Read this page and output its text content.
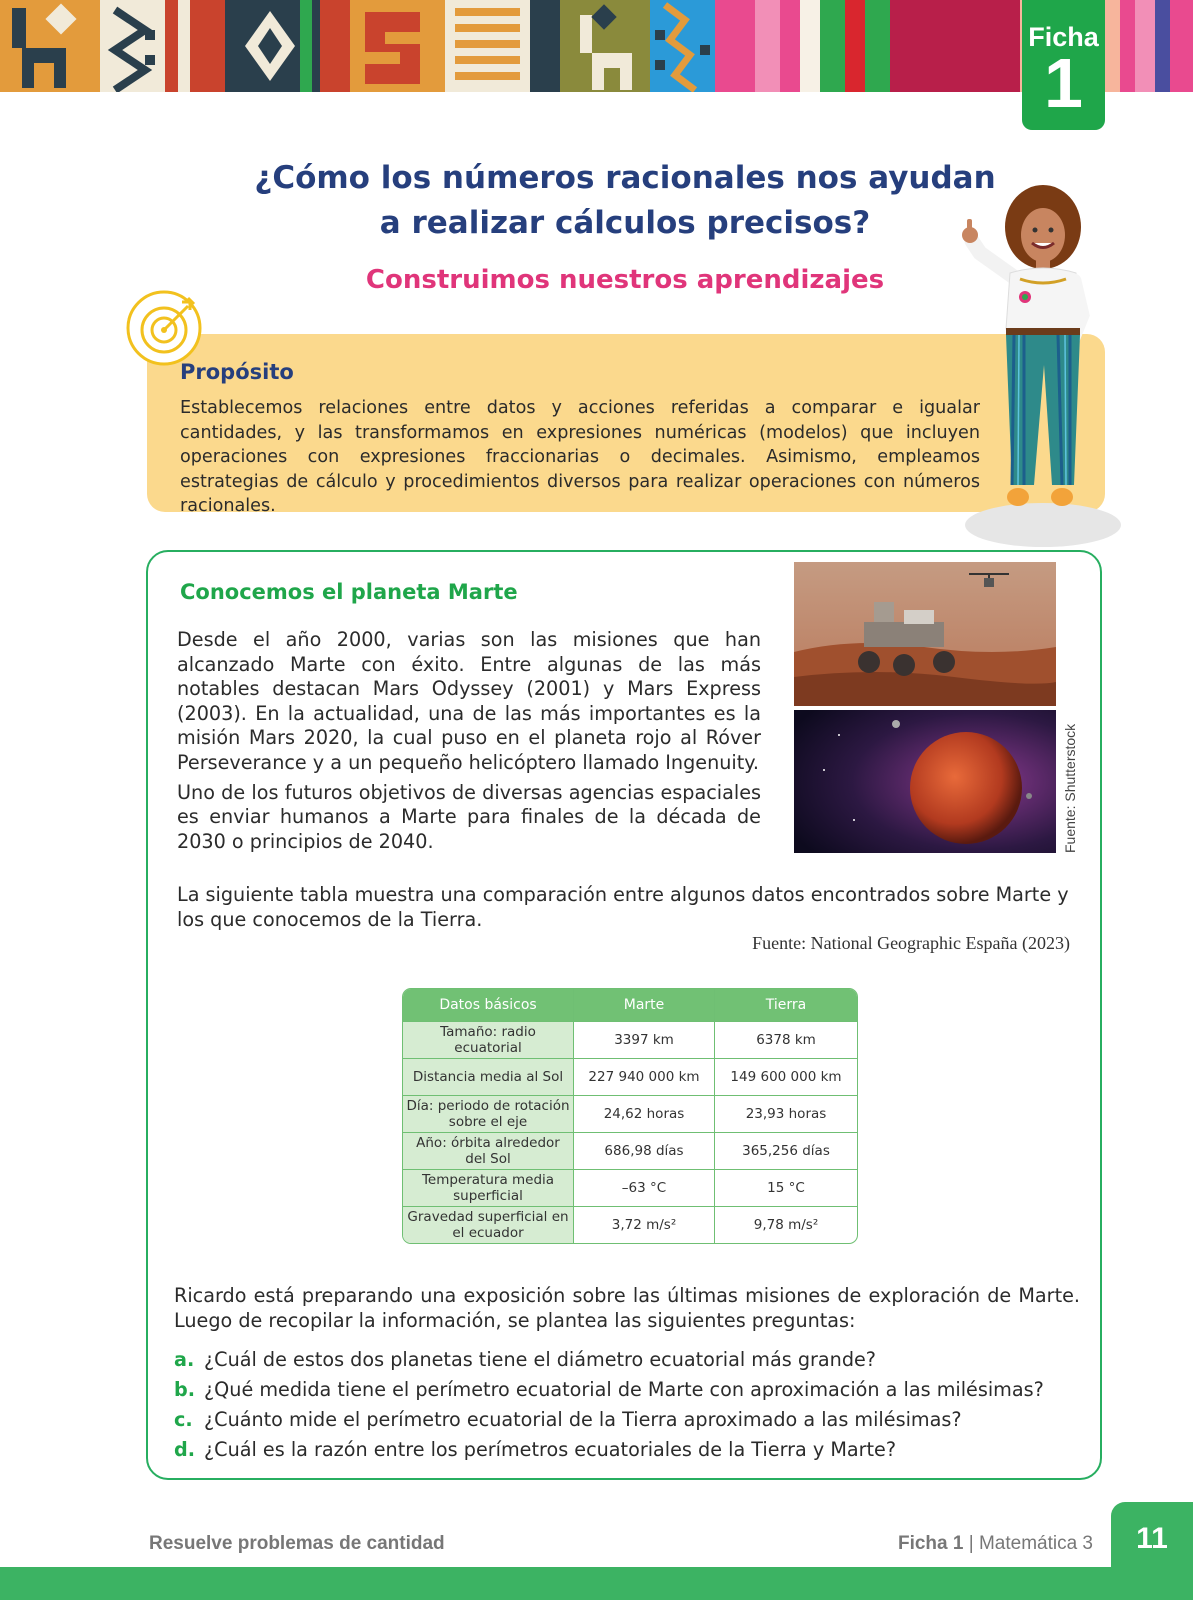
Ficha
1
¿Cómo los números racionales nos ayudan
a realizar cálculos precisos?
Construimos nuestros aprendizajes
Propósito

Establecemos relaciones entre datos y acciones referidas a comparar e igualar cantidades, y las transformamos en expresiones numéricas (modelos) que incluyen operaciones con expresiones fraccionarias o decimales. Asimismo, empleamos estrategias de cálculo y procedimientos diversos para realizar operaciones con números racionales.

Conocemos el planeta Marte

Desde el año 2000, varias son las misiones que han alcanzado Marte con éxito. Entre algunas de las más notables destacan Mars Odyssey (2001) y Mars Express (2003). En la actualidad, una de las más importantes es la misión Mars 2020, la cual puso en el planeta rojo al Róver Perseverance y a un pequeño helicóptero llamado Ingenuity.

Uno de los futuros objetivos de diversas agencias espaciales es enviar humanos a Marte para finales de la década de 2030 o principios de 2040.	Fuente: Shutterstock

La siguiente tabla muestra una comparación entre algunos datos encontrados sobre Marte y los que conocemos de la Tierra.

Fuente: National Geographic España (2023)
Datos básicos	Marte	Tierra
Tamaño: radio ecuatorial	3397 km	6378 km
Distancia media al Sol	227 940 000 km	149 600 000 km
Día: periodo de rotación sobre el eje	24,62 horas	23,93 horas
Año: órbita alrededor del Sol	686,98 días	365,256 días
Temperatura media superficial	–63 °C	15 °C
Gravedad superficial en el ecuador	3,72 m/s²	9,78 m/s²

Ricardo está preparando una exposición sobre las últimas misiones de exploración de Marte. Luego de recopilar la información, se plantea las siguientes preguntas:

a. ¿Cuál de estos dos planetas tiene el diámetro ecuatorial más grande?
b. ¿Qué medida tiene el perímetro ecuatorial de Marte con aproximación a las milésimas?
c. ¿Cuánto mide el perímetro ecuatorial de la Tierra aproximado a las milésimas?
d. ¿Cuál es la razón entre los perímetros ecuatoriales de la Tierra y Marte?
Resuelve problemas de cantidad	Ficha 1 | Matemática 3	11
